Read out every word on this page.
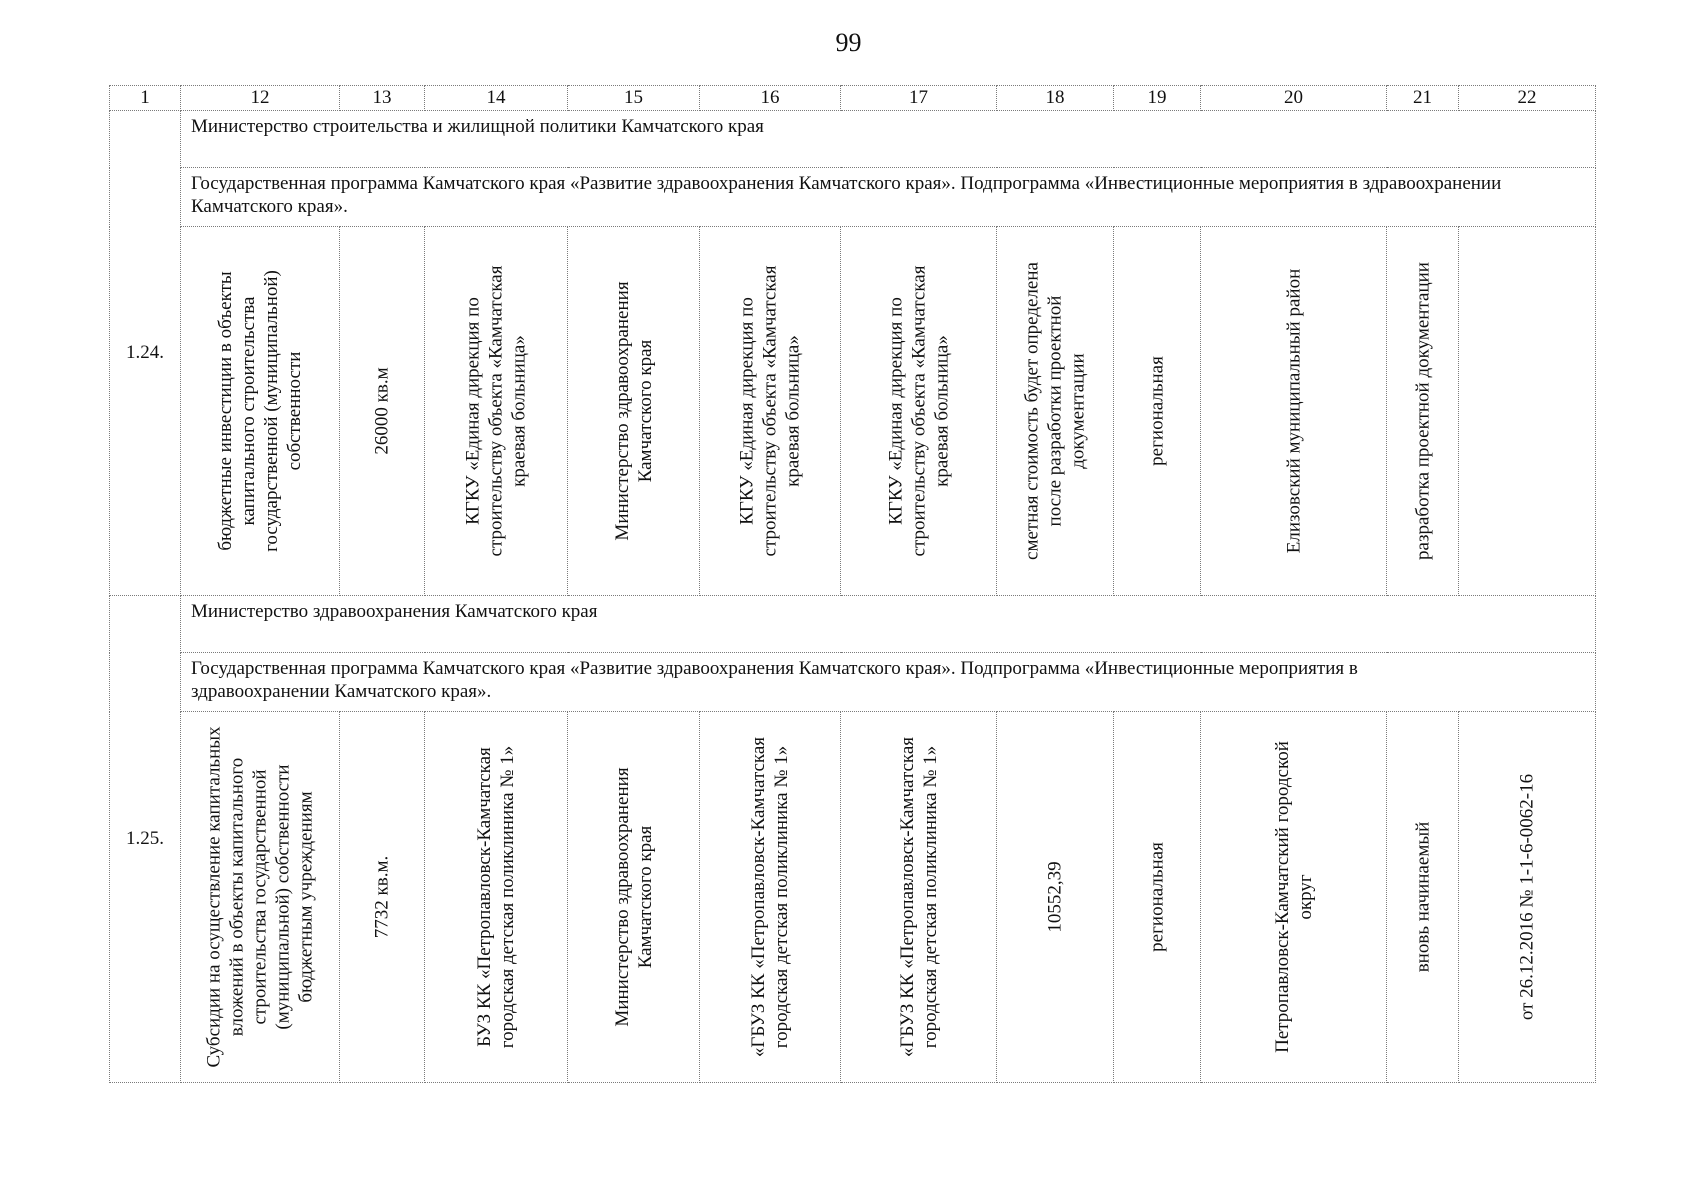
99
1	12	13	14	15	16	17	18	19	20	21	22
1.24.	Министерство строительства и жилищной политики Камчатского края										
	Государственная программа Камчатского края «Развитие здравоохранения Камчатского края». Подпрограмма «Инвестиционные мероприятия в здравоохранении Камчатского края».										

	бюджетные инвестиции в объекты капитального строительства государственной (муниципальной) собственности	26000 кв.м	КГКУ «Единая дирекция по строительству объекта «Камчатская краевая больница»	Министерство здравоохранения Камчатского края	КГКУ «Единая дирекция по строительству объекта «Камчатская краевая больница»	КГКУ «Единая дирекция по строительству объекта «Камчатская краевая больница»	сметная стоимость будет определена после разработки проектной документации	региональная	Елизовский муниципальный район	разработка проектной документации	

1.25.	Министерство здравоохранения Камчатского края										
	Государственная программа Камчатского края «Развитие здравоохранения Камчатского края». Подпрограмма «Инвестиционные мероприятия в здравоохранении Камчатского края».										

	Субсидии на осуществление капитальных вложений в объекты капитального строительства государственной (муниципальной) собственности бюджетным учреждениям	7732 кв.м.	БУЗ КК «Петропавловск-Камчатская городская детская поликлиника № 1»	Министерство здравоохранения Камчатского края	«ГБУЗ КК «Петропавловск-Камчатская городская детская поликлиника № 1»	«ГБУЗ КК «Петропавловск-Камчатская городская детская поликлиника № 1»	10552,39	региональная	Петропавловск-Камчатский городской округ	вновь начинаемый	от 26.12.2016 № 1-1-6-0062-16
